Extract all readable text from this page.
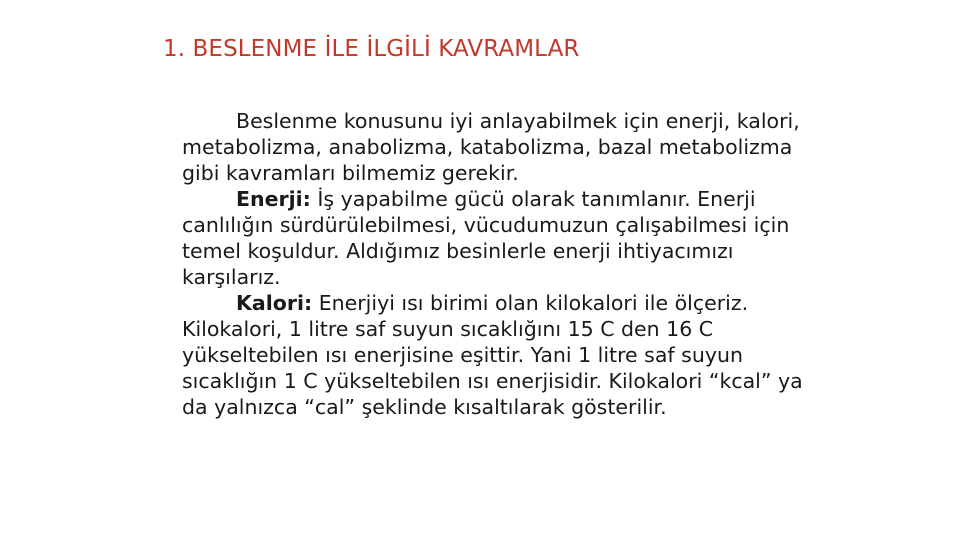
1. BESLENME İLE İLGİLİ KAVRAMLAR

Beslenme konusunu iyi anlayabilmek için enerji, kalori, metabolizma, anabolizma, katabolizma, bazal metabolizma gibi kavramları bilmemiz gerekir.

Enerji: İş yapabilme gücü olarak tanımlanır. Enerji canlılığın sürdürülebilmesi, vücudumuzun çalışabilmesi için temel koşuldur. Aldığımız besinlerle enerji ihtiyacımızı karşılarız.

Kalori: Enerjiyi ısı birimi olan kilokalori ile ölçeriz. Kilokalori, 1 litre saf suyun sıcaklığını 15 C den 16 C yükseltebilen ısı enerjisine eşittir. Yani 1 litre saf suyun sıcaklığın 1 C yükseltebilen ısı enerjisidir. Kilokalori “kcal” ya da yalnızca “cal” şeklinde kısaltılarak gösterilir.
